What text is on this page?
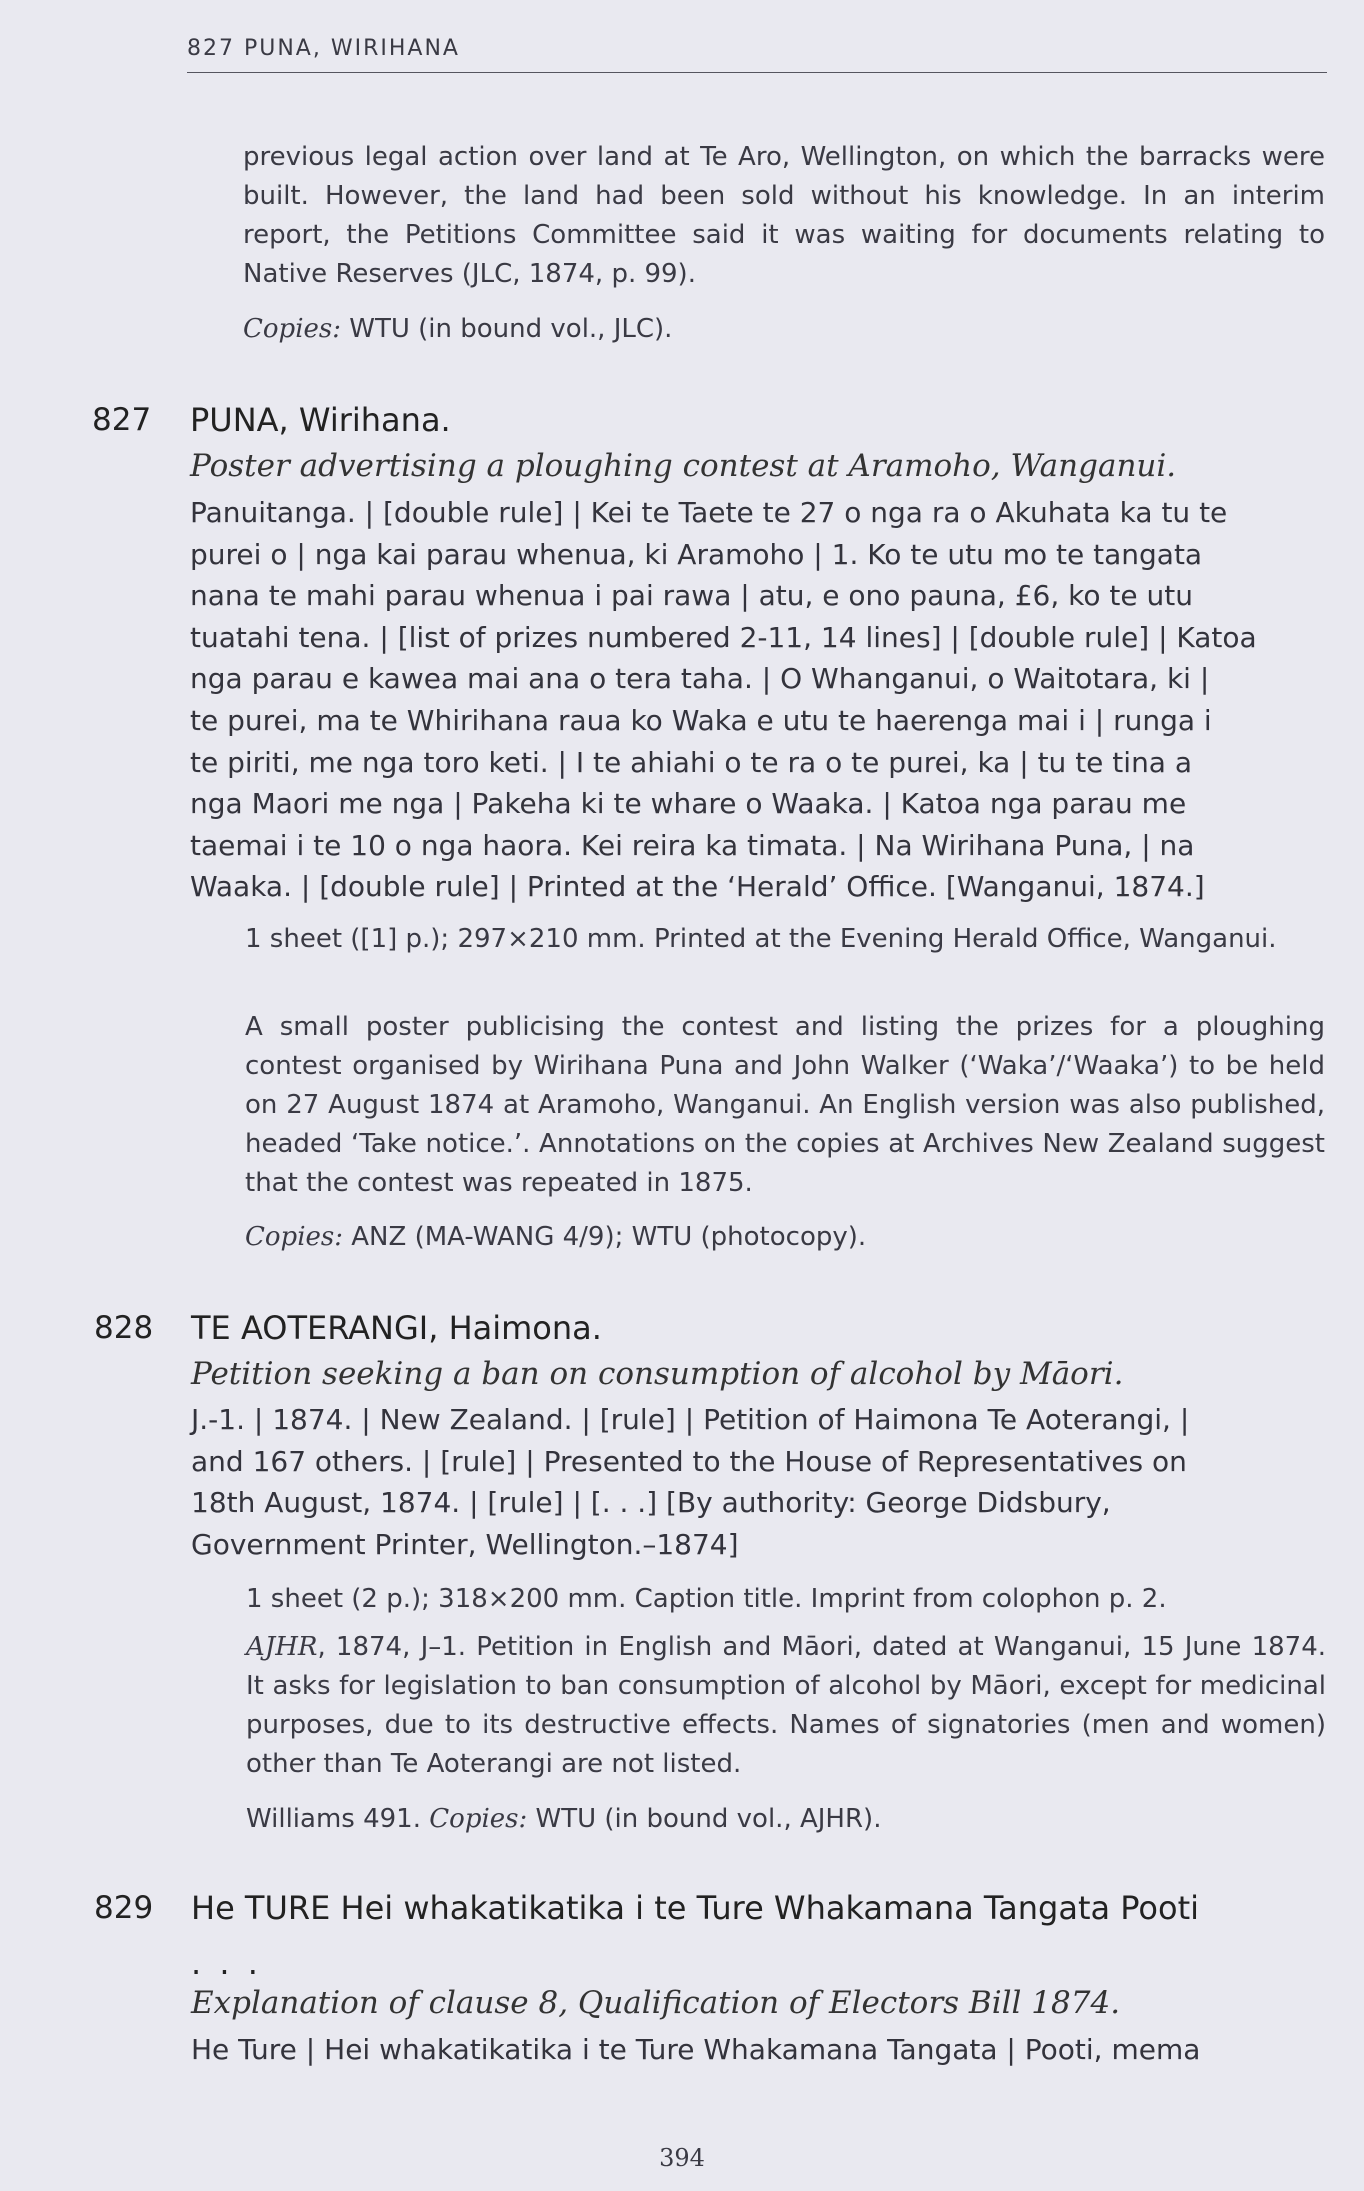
827 PUNA, WIRIHANA
previous legal action over land at Te Aro, Wellington, on which the barracks were built. However, the land had been sold without his knowledge. In an interim report, the Petitions Committee said it was waiting for documents relating to Native Reserves (JLC, 1874, p. 99).
Copies: WTU (in bound vol., JLC).
827 PUNA, Wirihana.
Poster advertising a ploughing contest at Aramoho, Wanganui.
Panuitanga. | [double rule] | Kei te Taete te 27 o nga ra o Akuhata ka tu te
purei o | nga kai parau whenua, ki Aramoho | 1. Ko te utu mo te tangata
nana te mahi parau whenua i pai rawa | atu, e ono pauna, £6, ko te utu
tuatahi tena. | [list of prizes numbered 2-11, 14 lines] | [double rule] | Katoa
nga parau e kawea mai ana o tera taha. | O Whanganui, o Waitotara, ki |
te purei, ma te Whirihana raua ko Waka e utu te haerenga mai i | runga i
te piriti, me nga toro keti. | I te ahiahi o te ra o te purei, ka | tu te tina a
nga Maori me nga | Pakeha ki te whare o Waaka. | Katoa nga parau me
taemai i te 10 o nga haora. Kei reira ka timata. | Na Wirihana Puna, | na
Waaka. | [double rule] | Printed at the ‘Herald’ Office. [Wanganui, 1874.]
1 sheet ([1] p.); 297×210 mm. Printed at the Evening Herald Office, Wanganui.
A small poster publicising the contest and listing the prizes for a ploughing contest organised by Wirihana Puna and John Walker (‘Waka’/‘Waaka’) to be held on 27 August 1874 at Aramoho, Wanganui. An English version was also published, headed ‘Take notice.’. Annotations on the copies at Archives New Zealand suggest that the contest was repeated in 1875.
Copies: ANZ (MA-WANG 4/9); WTU (photocopy).
828 TE AOTERANGI, Haimona.
Petition seeking a ban on consumption of alcohol by Māori.
J.-1. | 1874. | New Zealand. | [rule] | Petition of Haimona Te Aoterangi, |
and 167 others. | [rule] | Presented to the House of Representatives on
18th August, 1874. | [rule] | [. . .] [By authority: George Didsbury,
Government Printer, Wellington.–1874]
1 sheet (2 p.); 318×200 mm. Caption title. Imprint from colophon p. 2.
AJHR, 1874, J–1. Petition in English and Māori, dated at Wanganui, 15 June 1874. It asks for legislation to ban consumption of alcohol by Māori, except for medicinal purposes, due to its destructive effects. Names of signatories (men and women) other than Te Aoterangi are not listed.
Williams 491. Copies: WTU (in bound vol., AJHR).
829 He TURE Hei whakatikatika i te Ture Whakamana Tangata Pooti
. . .
Explanation of clause 8, Qualification of Electors Bill 1874.
He Ture | Hei whakatikatika i te Ture Whakamana Tangata | Pooti, mema
394
